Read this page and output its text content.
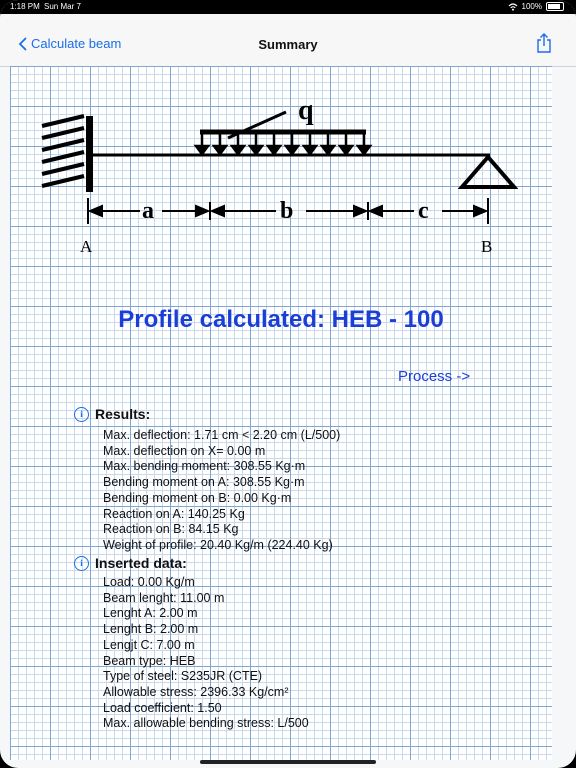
1:18 PM Sun Mar 7	100%
Calculate beam	Summary
q
a	b	c
A	B
Profile calculated: HEB - 100
Process ->
i Results:
Max. deflection: 1.71 cm < 2.20 cm (L/500)
Max. deflection on X= 0.00 m
Max. bending moment: 308.55 Kg·m
Bending moment on A: 308.55 Kg·m
Bending moment on B: 0.00 Kg·m
Reaction on A: 140.25 Kg
Reaction on B: 84.15 Kg
Weight of profile: 20.40 Kg/m (224.40 Kg)
i Inserted data:
Load: 0.00 Kg/m
Beam lenght: 11.00 m
Lenght A: 2.00 m
Lenght B: 2.00 m
Lengjt C: 7.00 m
Beam type: HEB
Type of steel: S235JR (CTE)
Allowable stress: 2396.33 Kg/cm²
Load coefficient: 1.50
Max. allowable bending stress: L/500
